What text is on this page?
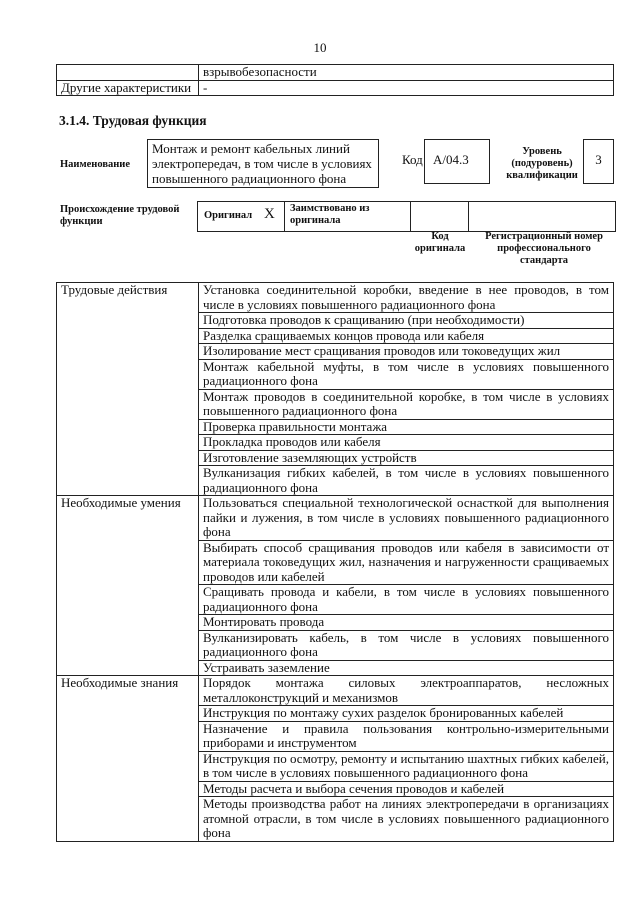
10
	взрывобезопасности
Другие характеристики	-
3.1.4. Трудовая функция
Наименование
Монтаж и ремонт кабельных линий электропередач, в том числе в условиях повышенного радиационного фона
Код A/04.3
Уровень (подуровень) квалификации
3
Происхождение трудовой функции
Оригинал X Заимствовано из оригинала
Код оригинала
Регистрационный номер профессионального стандарта
Трудовые действия	Установка соединительной коробки, введение в нее проводов, в том числе в условиях повышенного радиационного фона
	Подготовка проводов к сращиванию (при необходимости)
	Разделка сращиваемых концов провода или кабеля
	Изолирование мест сращивания проводов или токоведущих жил
	Монтаж кабельной муфты, в том числе в условиях повышенного радиационного фона
	Монтаж проводов в соединительной коробке, в том числе в условиях повышенного радиационного фона
	Проверка правильности монтажа
	Прокладка проводов или кабеля
	Изготовление заземляющих устройств
	Вулканизация гибких кабелей, в том числе в условиях повышенного радиационного фона
Необходимые умения	Пользоваться специальной технологической оснасткой для выполнения пайки и лужения, в том числе в условиях повышенного радиационного фона
	Выбирать способ сращивания проводов или кабеля в зависимости от материала токоведущих жил, назначения и нагруженности сращиваемых проводов или кабелей
	Сращивать провода и кабели, в том числе в условиях повышенного радиационного фона
	Монтировать провода
	Вулканизировать кабель, в том числе в условиях повышенного радиационного фона
	Устраивать заземление
Необходимые знания	Порядок монтажа силовых электроаппаратов, несложных металлоконструкций и механизмов
	Инструкция по монтажу сухих разделок бронированных кабелей
	Назначение и правила пользования контрольно-измерительными приборами и инструментом
	Инструкция по осмотру, ремонту и испытанию шахтных гибких кабелей, в том числе в условиях повышенного радиационного фона
	Методы расчета и выбора сечения проводов и кабелей
	Методы производства работ на линиях электропередачи в организациях атомной отрасли, в том числе в условиях повышенного радиационного фона
